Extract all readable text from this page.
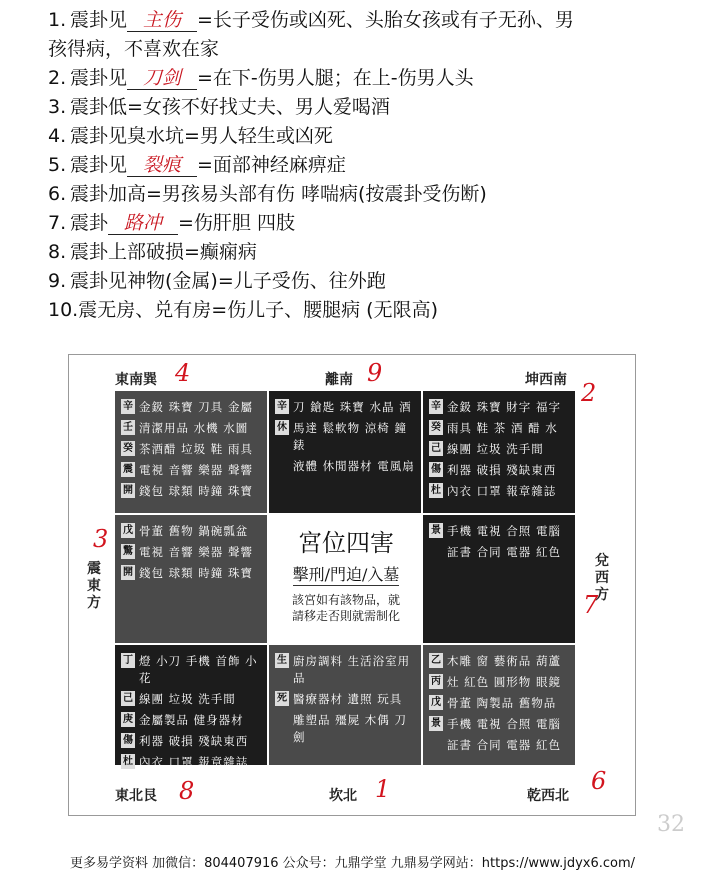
1. 震卦见 主伤 =长子受伤或凶死、头胎女孩或有子无孙、男
孩得病，不喜欢在家
2. 震卦见 刀剑 =在下-伤男人腿；在上-伤男人头
3. 震卦低=女孩不好找丈夫、男人爱喝酒
4. 震卦见臭水坑=男人轻生或凶死
5. 震卦见 裂痕 =面部神经麻痹症
6. 震卦加高=男孩易头部有伤 哮喘病(按震卦受伤断)
7. 震卦 路冲 =伤肝胆 四肢
8. 震卦上部破损=癫痫病
9. 震卦见神物(金属)=儿子受伤、往外跑
10.震无房、兑有房=伤儿子、腰腿病 (无限高)
東南巽 4	離南 9	坤西南 2
震東方
3
兌西方
7
東北艮 8	坎北 1	乾西北
6
辛 金鈒 珠寶 刀具 金屬
壬 清潔用品 水機 水圖
癸 茶酒醋 垃圾 鞋 雨具
震 電視 音響 樂器 聲響
開 錢包 球類 時鐘 珠寶
辛 刀 鎗匙 珠寶 水晶 酒
休 馬達 鬆軟物 涼椅 鐘錶
液體 休閒器材 電風扇
辛 金鈒 珠寶 財字 福字
癸 雨具 鞋 茶 酒 醋 水
己 線團 垃圾 洗手間
傷 利器 破損 殘缺東西
杜 內衣 口罩 報章雜誌
戊 骨董 舊物 鍋碗瓢盆
驚 電視 音響 樂器 聲響
開 錢包 球類 時鐘 珠寶
宮位四害
擊刑/門迫/入墓
該宮如有該物品，就
請移走否則就需制化
景 手機 電視 合照 電腦
証書 合同 電器 紅色
丁 燈 小刀 手機 首飾 小花
己 線團 垃圾 洗手間
庚 金屬製品 健身器材
傷 利器 破損 殘缺東西
杜 內衣 口罩 報章雜誌
生 廚房調料 生活浴室用品
死 醫療器材 遺照 玩具
雕塑品 殭屍 木偶 刀劍
乙 木雕 窗 藝術品 葫蘆
丙 灶 紅色 圓形物 眼鏡
戊 骨董 陶製品 舊物品
景 手機 電視 合照 電腦
証書 合同 電器 紅色
32
更多易学资料 加微信：804407916 公众号：九鼎学堂 九鼎易学网站：https://www.jdyx6.com/
